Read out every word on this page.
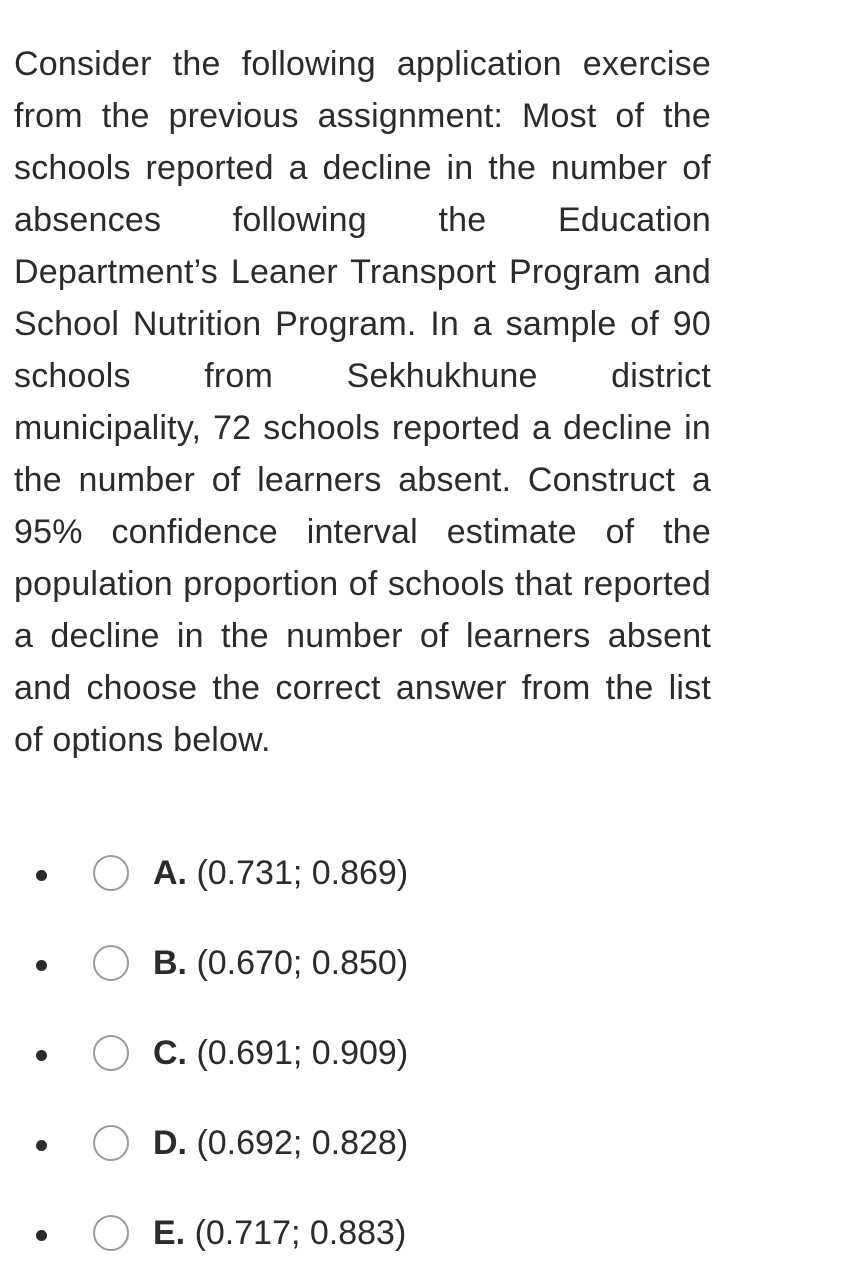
Consider the following application exercise from the previous assignment: Most of the schools reported a decline in the number of absences following the Education Department’s Leaner Transport Program and School Nutrition Program. In a sample of 90 schools from Sekhukhune district municipality, 72 schools reported a decline in the number of learners absent. Construct a 95% confidence interval estimate of the population proportion of schools that reported a decline in the number of learners absent and choose the correct answer from the list of options below.

A. (0.731; 0.869)
B. (0.670; 0.850)
C. (0.691; 0.909)
D. (0.692; 0.828)
E. (0.717; 0.883)
